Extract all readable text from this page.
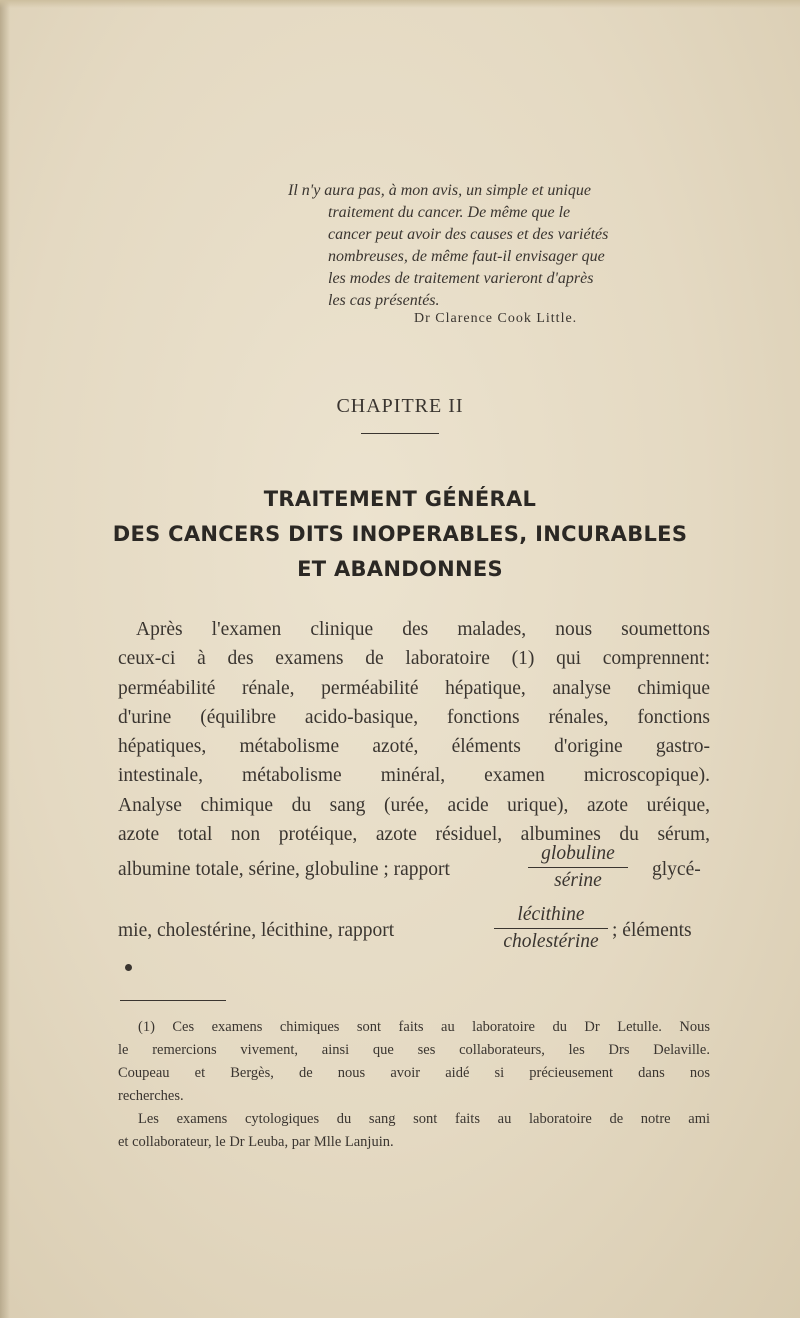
Il n'y aura pas, à mon avis, un simple et unique
traitement du cancer. De même que le
cancer peut avoir des causes et des variétés
nombreuses, de même faut-il envisager que
les modes de traitement varieront d'après
les cas présentés.
Dr Clarence Cook Little.
CHAPITRE II
TRAITEMENT GÉNÉRAL
DES CANCERS DITS INOPERABLES, INCURABLES
ET ABANDONNES
Après l'examen clinique des malades, nous soumettons
ceux-ci à des examens de laboratoire (1) qui comprennent:
perméabilité rénale, perméabilité hépatique, analyse chimique
d'urine (équilibre acido-basique, fonctions rénales, fonctions
hépatiques, métabolisme azoté, éléments d'origine gastro-
intestinale, métabolisme minéral, examen microscopique).
Analyse chimique du sang (urée, acide urique), azote uréique,
azote total non protéique, azote résiduel, albumines du sérum,
albumine totale, sérine, globuline ; rapport
globuline
sérine
glycé-
mie, cholestérine, lécithine, rapport
lécithine
cholestérine
; éléments
(1) Ces examens chimiques sont faits au laboratoire du Dr Letulle. Nous
le remercions vivement, ainsi que ses collaborateurs, les Drs Delaville.
Coupeau et Bergès, de nous avoir aidé si précieusement dans nos
recherches.
Les examens cytologiques du sang sont faits au laboratoire de notre ami
et collaborateur, le Dr Leuba, par Mlle Lanjuin.
